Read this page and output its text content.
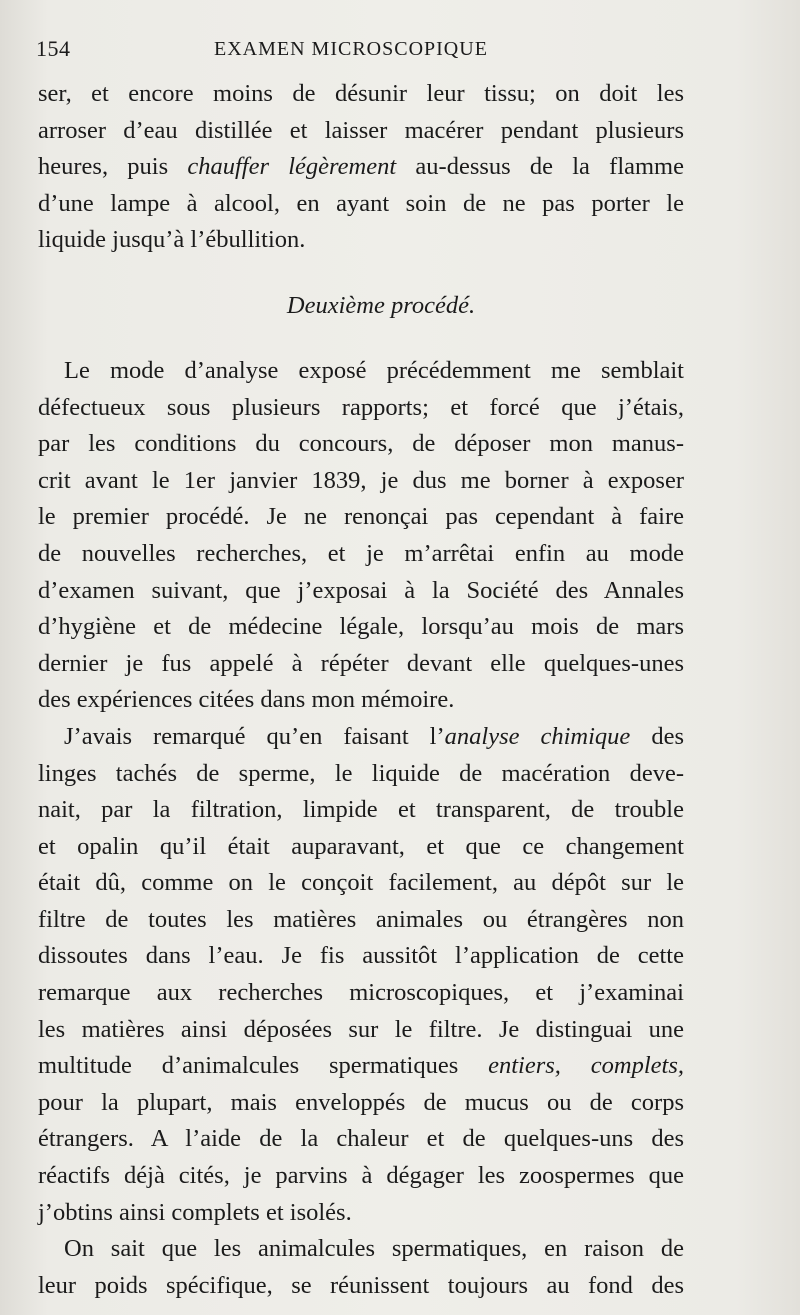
154	EXAMEN MICROSCOPIQUE
ser, et encore moins de désunir leur tissu; on doit les
arroser d’eau distillée et laisser macérer pendant plusieurs
heures, puis chauffer légèrement au-dessus de la flamme
d’une lampe à alcool, en ayant soin de ne pas porter le
liquide jusqu’à l’ébullition.
Deuxième procédé.
Le mode d’analyse exposé précédemment me semblait
défectueux sous plusieurs rapports; et forcé que j’étais,
par les conditions du concours, de déposer mon manus-
crit avant le 1er janvier 1839, je dus me borner à exposer
le premier procédé. Je ne renonçai pas cependant à faire
de nouvelles recherches, et je m’arrêtai enfin au mode
d’examen suivant, que j’exposai à la Société des Annales
d’hygiène et de médecine légale, lorsqu’au mois de mars
dernier je fus appelé à répéter devant elle quelques-unes
des expériences citées dans mon mémoire.
J’avais remarqué qu’en faisant l’analyse chimique des
linges tachés de sperme, le liquide de macération deve-
nait, par la filtration, limpide et transparent, de trouble
et opalin qu’il était auparavant, et que ce changement
était dû, comme on le conçoit facilement, au dépôt sur le
filtre de toutes les matières animales ou étrangères non
dissoutes dans l’eau. Je fis aussitôt l’application de cette
remarque aux recherches microscopiques, et j’examinai
les matières ainsi déposées sur le filtre. Je distinguai une
multitude d’animalcules spermatiques entiers, complets,
pour la plupart, mais enveloppés de mucus ou de corps
étrangers. A l’aide de la chaleur et de quelques-uns des
réactifs déjà cités, je parvins à dégager les zoospermes que
j’obtins ainsi complets et isolés.
On sait que les animalcules spermatiques, en raison de
leur poids spécifique, se réunissent toujours au fond des
